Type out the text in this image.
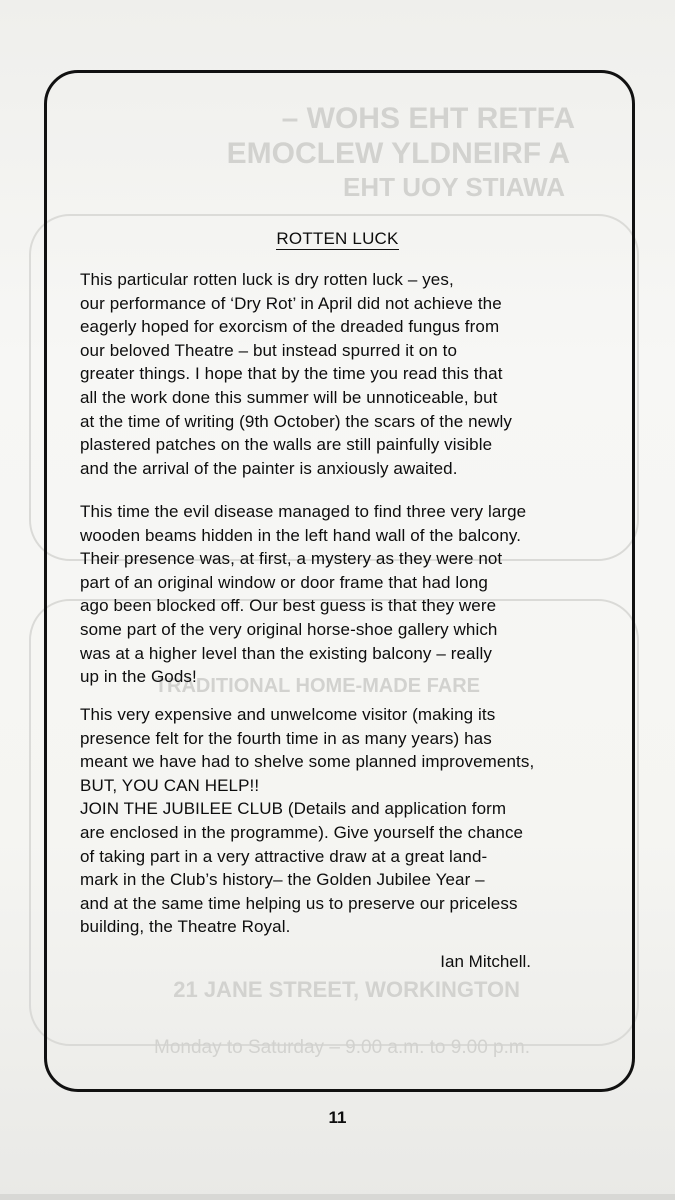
– WOHS EHT RETFA
EMOCLEW YLDNEIRF A
EHT UOY STIAWA
TRADITIONAL HOME-MADE FARE
21 JANE STREET, WORKINGTON
Monday to Saturday – 9.00 a.m. to 9.00 p.m.
ROTTEN LUCK
This particular rotten luck is dry rotten luck – yes,
our performance of ‘Dry Rot’ in April did not achieve the
eagerly hoped for exorcism of the dreaded fungus from
our beloved Theatre – but instead spurred it on to
greater things. I hope that by the time you read this that
all the work done this summer will be unnoticeable, but
at the time of writing (9th October) the scars of the newly
plastered patches on the walls are still painfully visible
and the arrival of the painter is anxiously awaited.
This time the evil disease managed to find three very large
wooden beams hidden in the left hand wall of the balcony.
Their presence was, at first, a mystery as they were not
part of an original window or door frame that had long
ago been blocked off. Our best guess is that they were
some part of the very original horse-shoe gallery which
was at a higher level than the existing balcony – really
up in the Gods!
This very expensive and unwelcome visitor (making its
presence felt for the fourth time in as many years) has
meant we have had to shelve some planned improvements,
BUT, YOU CAN HELP!!
JOIN THE JUBILEE CLUB (Details and application form
are enclosed in the programme). Give yourself the chance
of taking part in a very attractive draw at a great land-
mark in the Club’s history– the Golden Jubilee Year –
and at the same time helping us to preserve our priceless
building, the Theatre Royal.
Ian Mitchell.
11
